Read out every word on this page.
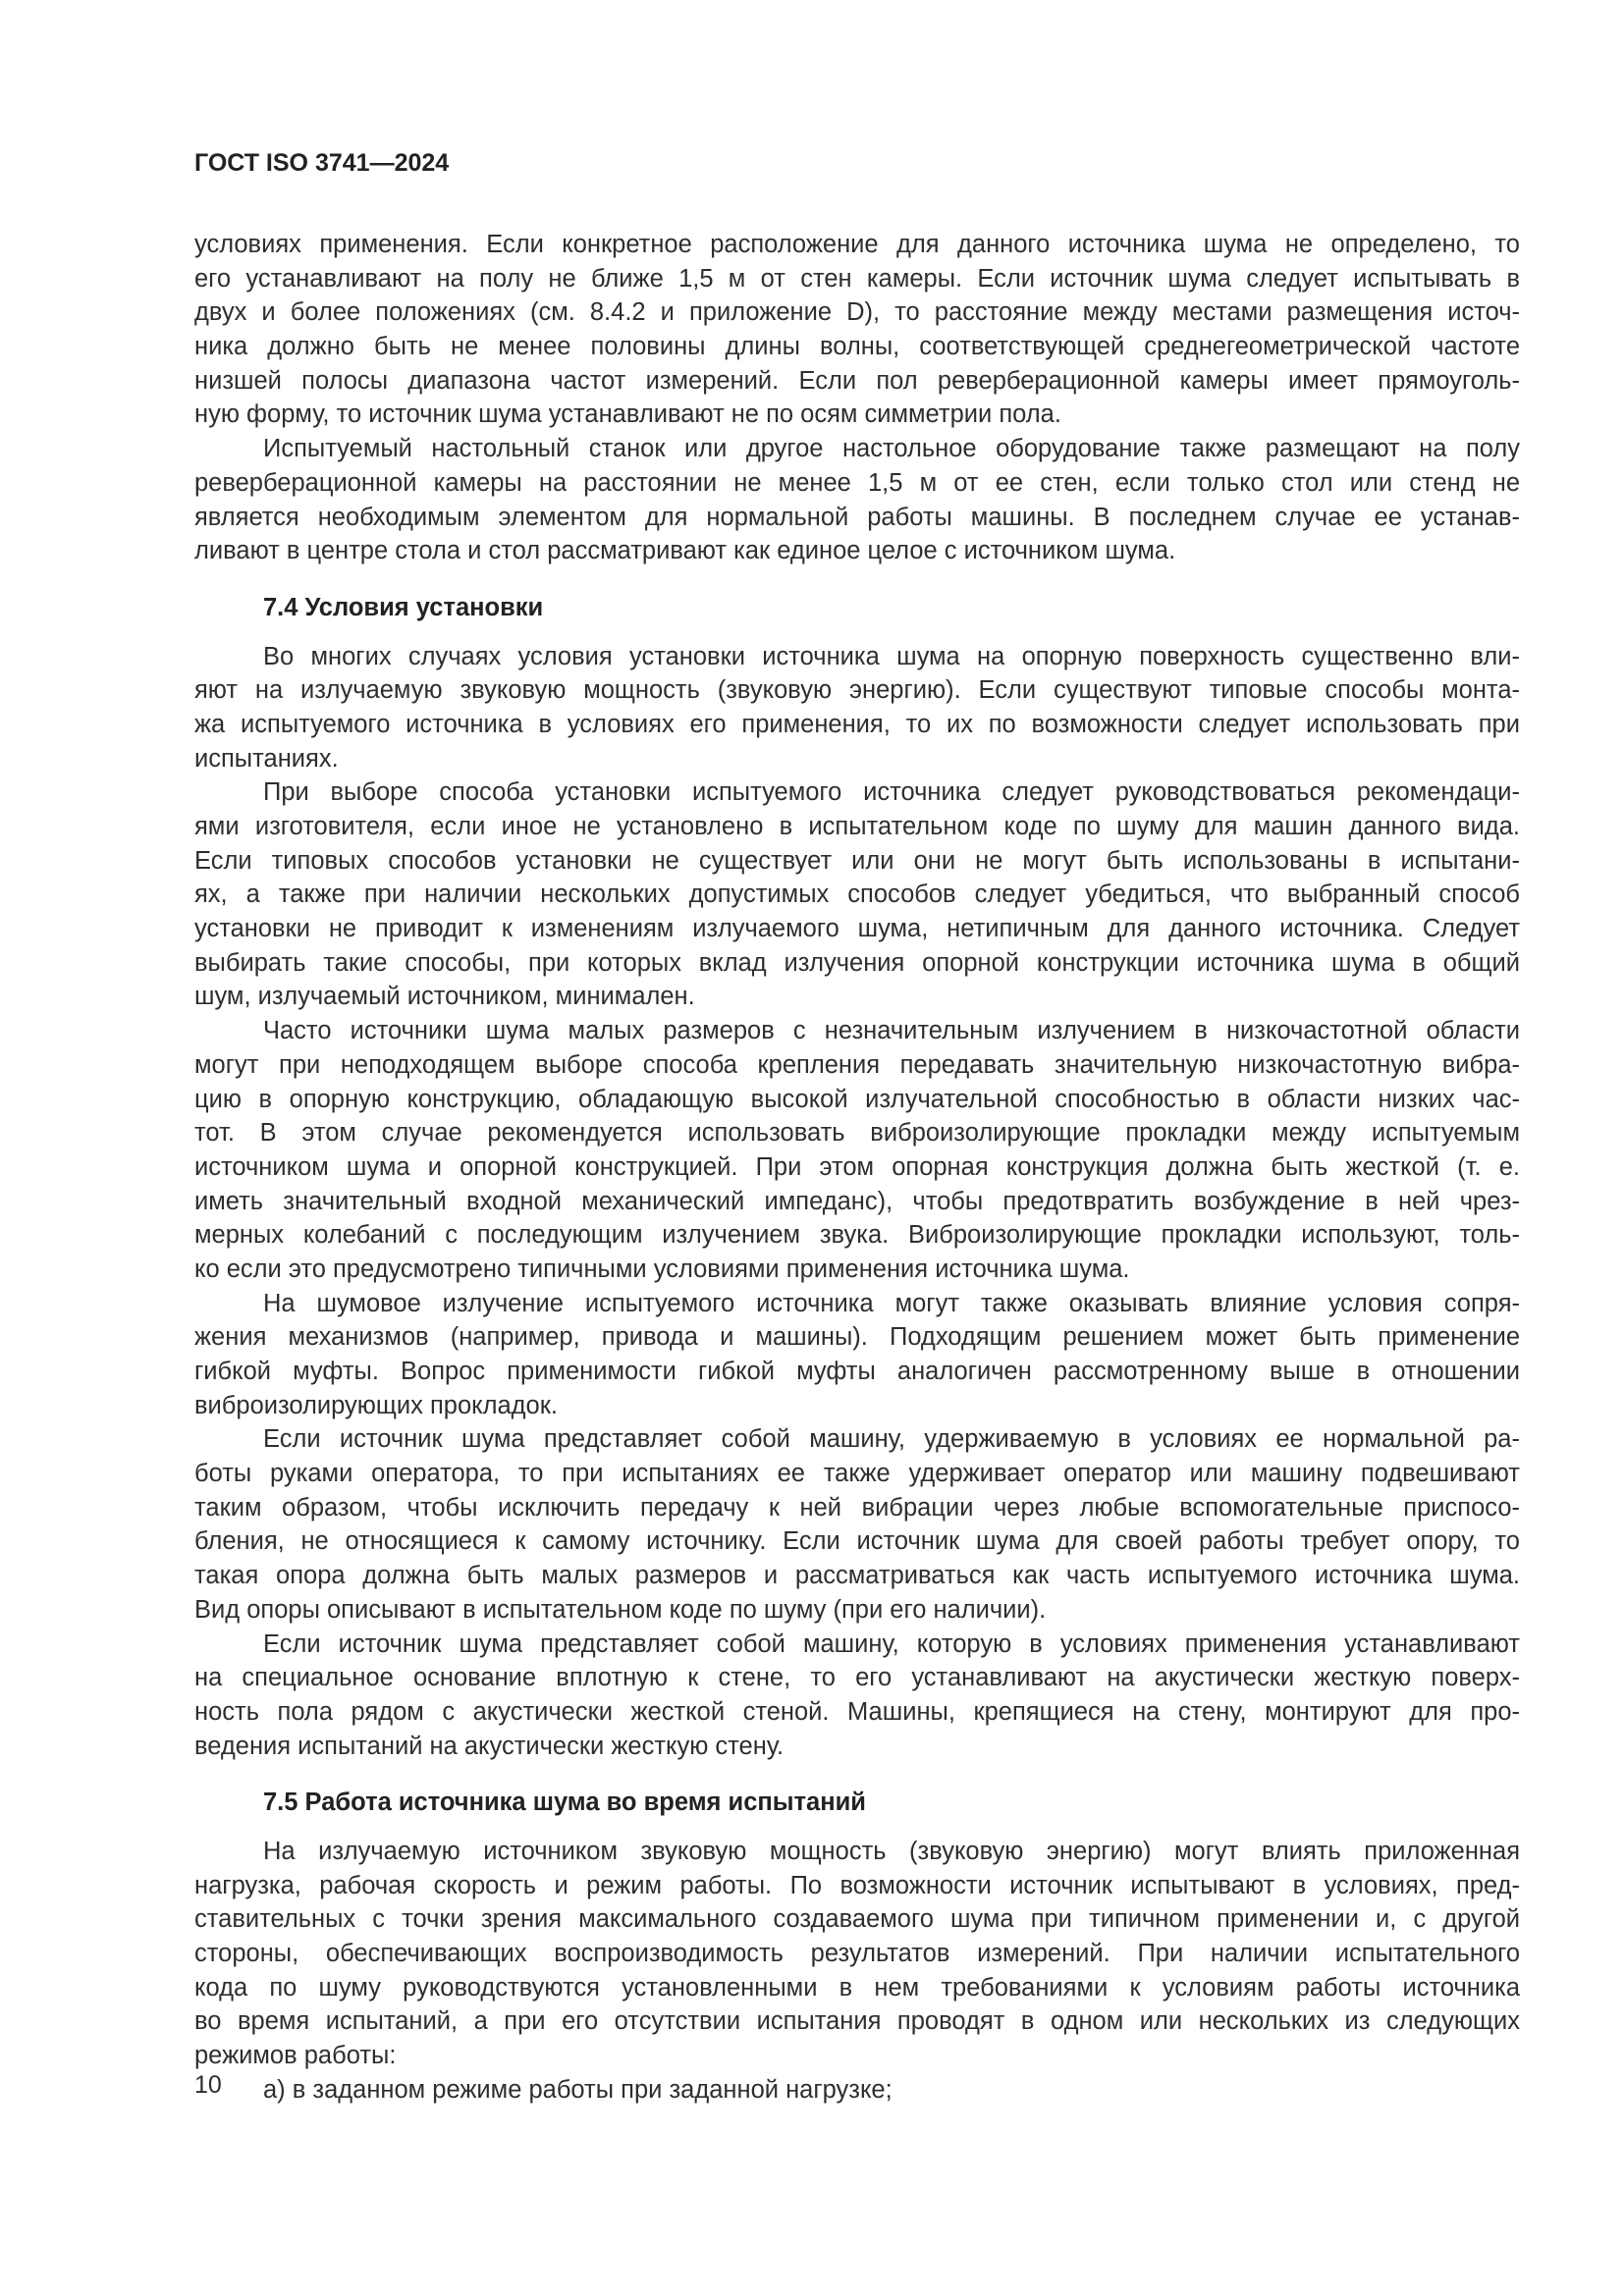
ГОСТ ISO 3741—2024
условиях применения. Если конкретное расположение для данного источника шума не определено, то
его устанавливают на полу не ближе 1,5 м от стен камеры. Если источник шума следует испытывать в
двух и более положениях (см. 8.4.2 и приложение D), то расстояние между местами размещения источ-
ника должно быть не менее половины длины волны, соответствующей среднегеометрической частоте
низшей полосы диапазона частот измерений. Если пол реверберационной камеры имеет прямоуголь-
ную форму, то источник шума устанавливают не по осям симметрии пола.
Испытуемый настольный станок или другое настольное оборудование также размещают на полу
реверберационной камеры на расстоянии не менее 1,5 м от ее стен, если только стол или стенд не
является необходимым элементом для нормальной работы машины. В последнем случае ее устанав-
ливают в центре стола и стол рассматривают как единое целое с источником шума.
7.4 Условия установки
Во многих случаях условия установки источника шума на опорную поверхность существенно вли-
яют на излучаемую звуковую мощность (звуковую энергию). Если существуют типовые способы монта-
жа испытуемого источника в условиях его применения, то их по возможности следует использовать при
испытаниях.
При выборе способа установки испытуемого источника следует руководствоваться рекомендаци-
ями изготовителя, если иное не установлено в испытательном коде по шуму для машин данного вида.
Если типовых способов установки не существует или они не могут быть использованы в испытани-
ях, а также при наличии нескольких допустимых способов следует убедиться, что выбранный способ
установки не приводит к изменениям излучаемого шума, нетипичным для данного источника. Следует
выбирать такие способы, при которых вклад излучения опорной конструкции источника шума в общий
шум, излучаемый источником, минимален.
Часто источники шума малых размеров с незначительным излучением в низкочастотной области
могут при неподходящем выборе способа крепления передавать значительную низкочастотную вибра-
цию в опорную конструкцию, обладающую высокой излучательной способностью в области низких час-
тот. В этом случае рекомендуется использовать виброизолирующие прокладки между испытуемым
источником шума и опорной конструкцией. При этом опорная конструкция должна быть жесткой (т. е.
иметь значительный входной механический импеданс), чтобы предотвратить возбуждение в ней чрез-
мерных колебаний с последующим излучением звука. Виброизолирующие прокладки используют, толь-
ко если это предусмотрено типичными условиями применения источника шума.
На шумовое излучение испытуемого источника могут также оказывать влияние условия сопря-
жения механизмов (например, привода и машины). Подходящим решением может быть применение
гибкой муфты. Вопрос применимости гибкой муфты аналогичен рассмотренному выше в отношении
виброизолирующих прокладок.
Если источник шума представляет собой машину, удерживаемую в условиях ее нормальной ра-
боты руками оператора, то при испытаниях ее также удерживает оператор или машину подвешивают
таким образом, чтобы исключить передачу к ней вибрации через любые вспомогательные приспосо-
бления, не относящиеся к самому источнику. Если источник шума для своей работы требует опору, то
такая опора должна быть малых размеров и рассматриваться как часть испытуемого источника шума.
Вид опоры описывают в испытательном коде по шуму (при его наличии).
Если источник шума представляет собой машину, которую в условиях применения устанавливают
на специальное основание вплотную к стене, то его устанавливают на акустически жесткую поверх-
ность пола рядом с акустически жесткой стеной. Машины, крепящиеся на стену, монтируют для про-
ведения испытаний на акустически жесткую стену.
7.5 Работа источника шума во время испытаний
На излучаемую источником звуковую мощность (звуковую энергию) могут влиять приложенная
нагрузка, рабочая скорость и режим работы. По возможности источник испытывают в условиях, пред-
ставительных с точки зрения максимального создаваемого шума при типичном применении и, с другой
стороны, обеспечивающих воспроизводимость результатов измерений. При наличии испытательного
кода по шуму руководствуются установленными в нем требованиями к условиям работы источника
во время испытаний, а при его отсутствии испытания проводят в одном или нескольких из следующих
режимов работы:
а) в заданном режиме работы при заданной нагрузке;
10
